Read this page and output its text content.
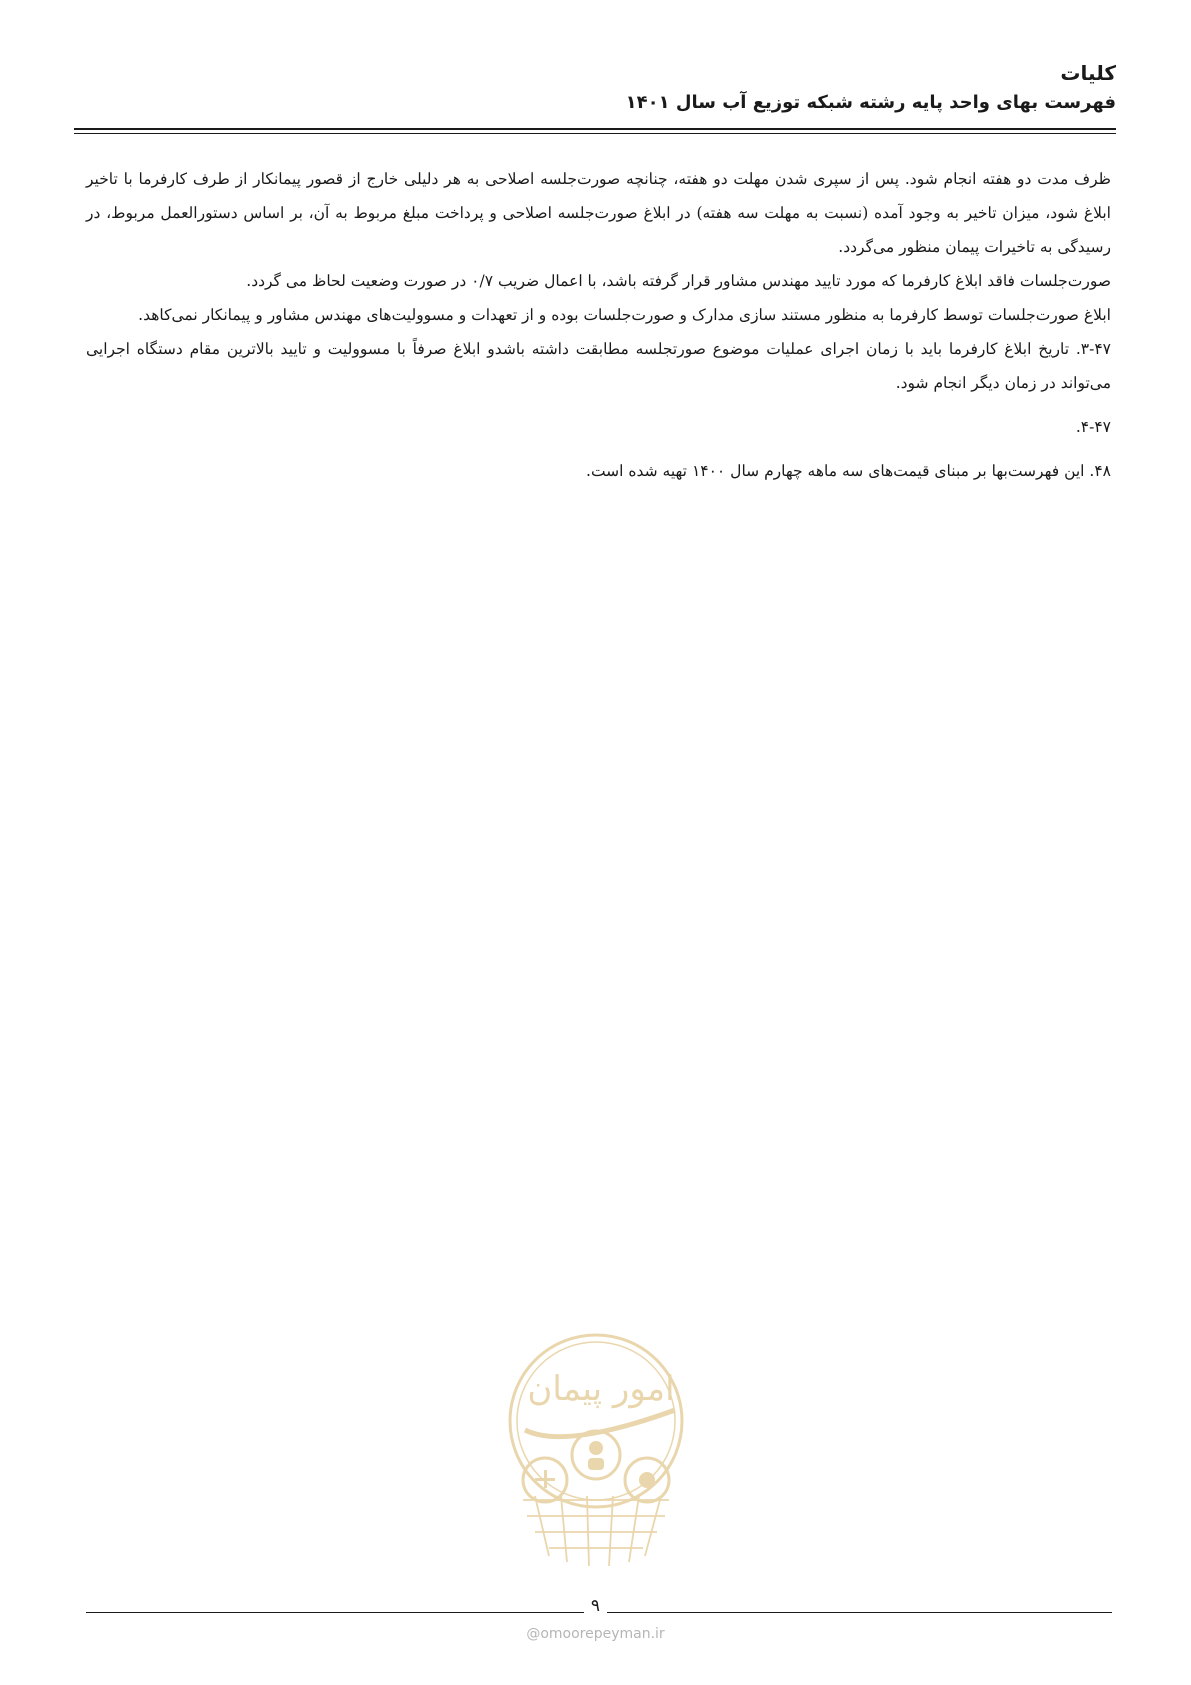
کلیات
فهرست بهای واحد پایه رشته شبکه توزیع آب سال ۱۴۰۱

ظرف مدت دو هفته انجام شود. پس از سپری شدن مهلت دو هفته، چنانچه صورت‌جلسه اصلاحی به هر دلیلی خارج از قصور پیمانکار از طرف کارفرما با تاخیر ابلاغ شود، میزان تاخیر به وجود آمده (نسبت به مهلت سه هفته) در ابلاغ صورت‌جلسه اصلاحی و پرداخت مبلغ مربوط به آن، بر اساس دستورالعمل مربوط، در رسیدگی به تاخیرات پیمان منظور می‌گردد.

صورت‌جلسات فاقد ابلاغ کارفرما که مورد تایید مهندس مشاور قرار گرفته باشد، با اعمال ضریب ۰/۷ در صورت وضعیت لحاظ می گردد.

ابلاغ صورت‌جلسات توسط کارفرما به منظور مستند سازی مدارک و صورت‌جلسات بوده و از تعهدات و مسوولیت‌های مهندس مشاور و پیمانکار نمی‌کاهد.

۳-۴۷. تاریخ ابلاغ کارفرما باید با زمان اجرای عملیات موضوع صورتجلسه مطابقت داشته باشدو ابلاغ صرفاً با مسوولیت و تایید بالاترین مقام دستگاه اجرایی می‌تواند در زمان دیگر انجام شود.

۴-۴۷.

۴۸. این فهرست‌بها بر مبنای قیمت‌های سه ماهه چهارم سال ۱۴۰۰ تهیه شده است.

امور پیمان
۹
@omoorepeyman.ir
